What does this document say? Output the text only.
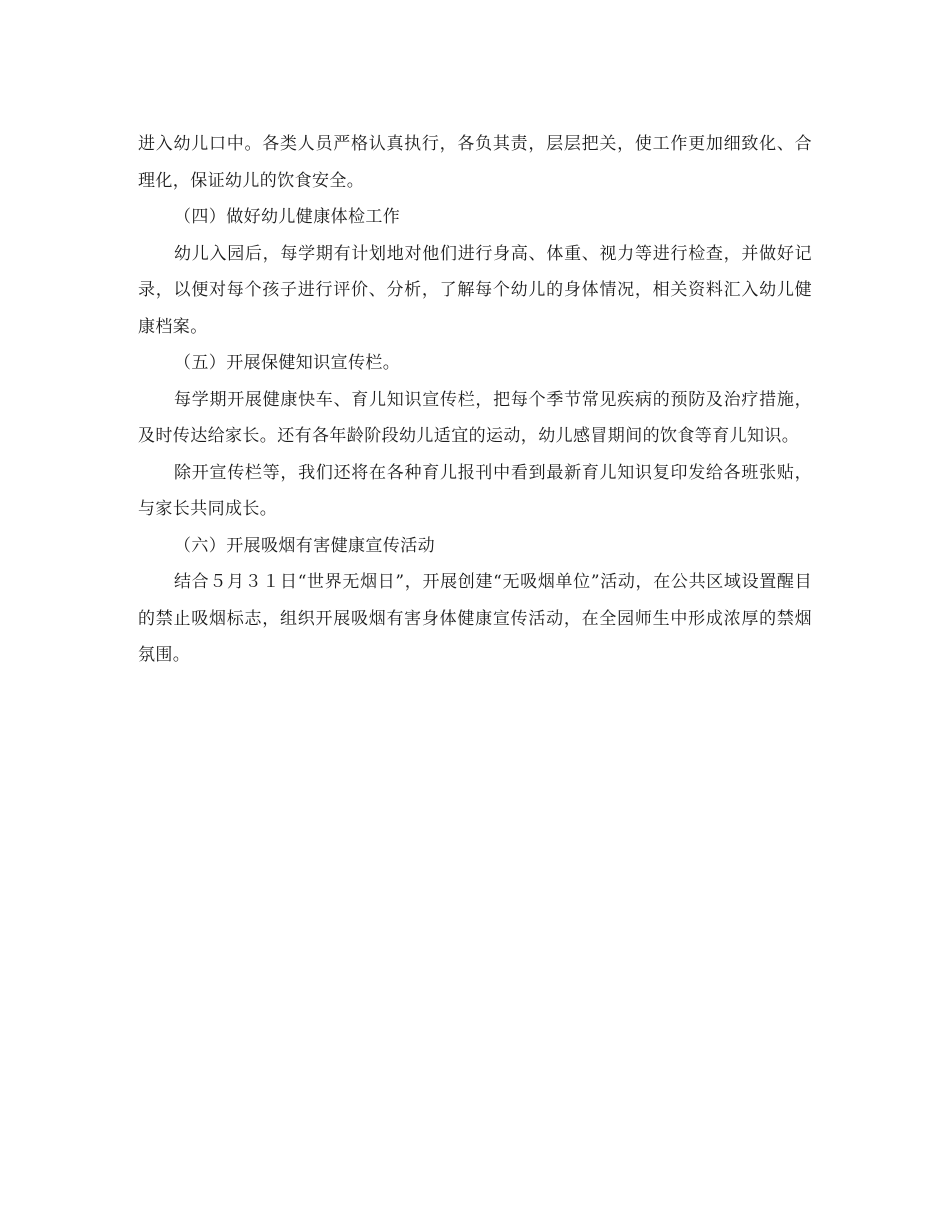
进入幼儿口中。各类人员严格认真执行，各负其责，层层把关，使工作更加细致化、合理化，保证幼儿的饮食安全。

（四）做好幼儿健康体检工作

幼儿入园后，每学期有计划地对他们进行身高、体重、视力等进行检查，并做好记录，以便对每个孩子进行评价、分析，了解每个幼儿的身体情况，相关资料汇入幼儿健康档案。

（五）开展保健知识宣传栏。

每学期开展健康快车、育儿知识宣传栏，把每个季节常见疾病的预防及治疗措施，及时传达给家长。还有各年龄阶段幼儿适宜的运动，幼儿感冒期间的饮食等育儿知识。

除开宣传栏等，我们还将在各种育儿报刊中看到最新育儿知识复印发给各班张贴，与家长共同成长。

（六）开展吸烟有害健康宣传活动

结合５月３１日“世界无烟日”，开展创建“无吸烟单位”活动，在公共区域设置醒目的禁止吸烟标志，组织开展吸烟有害身体健康宣传活动，在全园师生中形成浓厚的禁烟氛围。
